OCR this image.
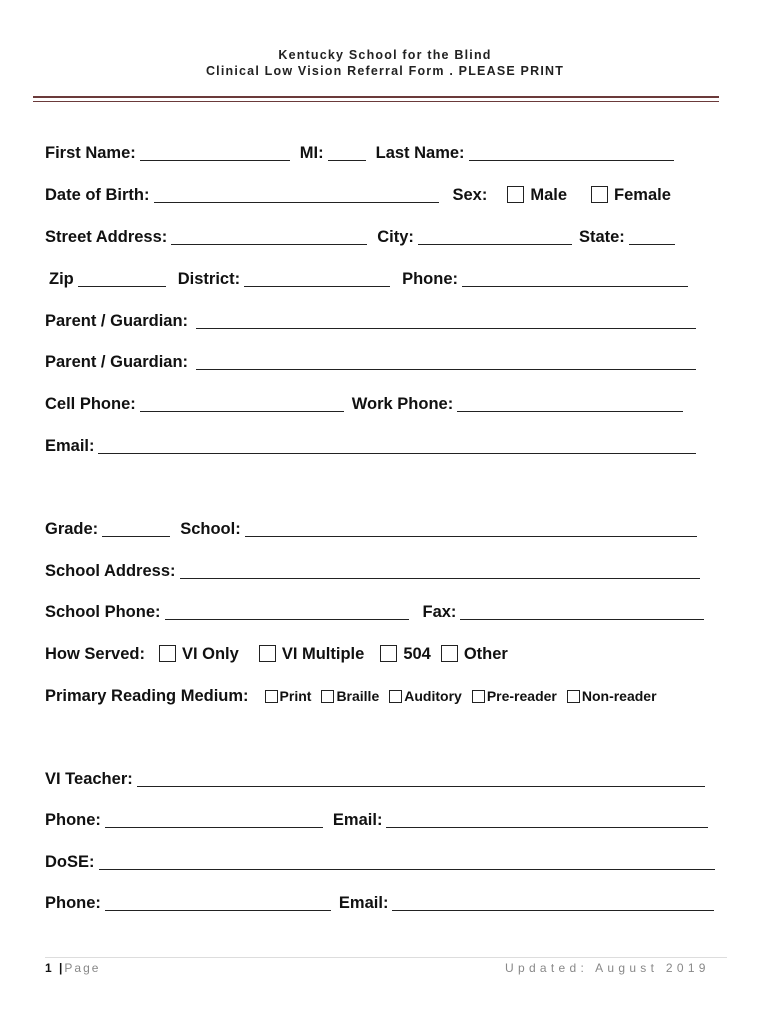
Kentucky School for the Blind
Clinical Low Vision Referral Form . PLEASE PRINT
First Name:	MI:	Last Name:
Date of Birth:	Sex:	Male	Female
Street Address:	City:	State:
Zip	District:	Phone:
Parent / Guardian:
Parent / Guardian:
Cell Phone:	Work Phone:
Email:
Grade:	School:
School Address:
School Phone:	Fax:
How Served: VI Only	VI Multiple 504 Other
Primary Reading Medium: Print Braille Auditory Pre-reader Non-reader
VI Teacher:
Phone:	Email:
DoSE:
Phone:	Email:
1 |Page	Updated: August 2019
